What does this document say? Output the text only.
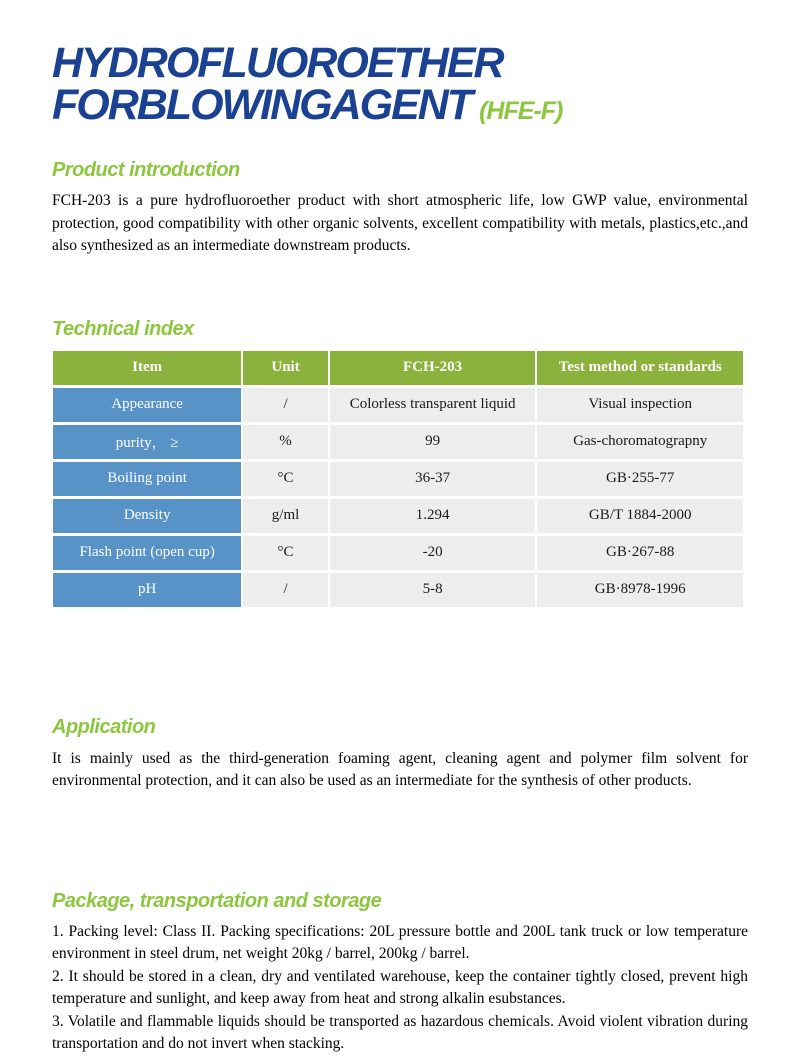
HYDROFLUOROETHER
FORBLOWINGAGENT (HFE-F)
Product introduction

FCH-203 is a pure hydrofluoroether product with short atmospheric life, low GWP value, environmental protection, good compatibility with other organic solvents, excellent compatibility with metals, plastics,etc.,and also synthesized as an intermediate downstream products.

Technical index
Item	Unit	FCH-203	Test method or standards
Appearance	/	Colorless transparent liquid	Visual inspection
purity， ≥	%	99	Gas-choromatograpny
Boiling point	°C	36-37	GB·255-77
Density	g/ml	1.294	GB/T 1884-2000
Flash point (open cup)	°C	-20	GB·267-88
pH	/	5-8	GB·8978-1996
Application

It is mainly used as the third-generation foaming agent, cleaning agent and polymer film solvent for environmental protection, and it can also be used as an intermediate for the synthesis of other products.

Package, transportation and storage

1. Packing level: Class II. Packing specifications: 20L pressure bottle and 200L tank truck or low temperature environment in steel drum, net weight 20kg / barrel, 200kg / barrel.

2. It should be stored in a clean, dry and ventilated warehouse, keep the container tightly closed, prevent high temperature and sunlight, and keep away from heat and strong alkalin esubstances.

3. Volatile and flammable liquids should be transported as hazardous chemicals. Avoid violent vibration during transportation and do not invert when stacking.
